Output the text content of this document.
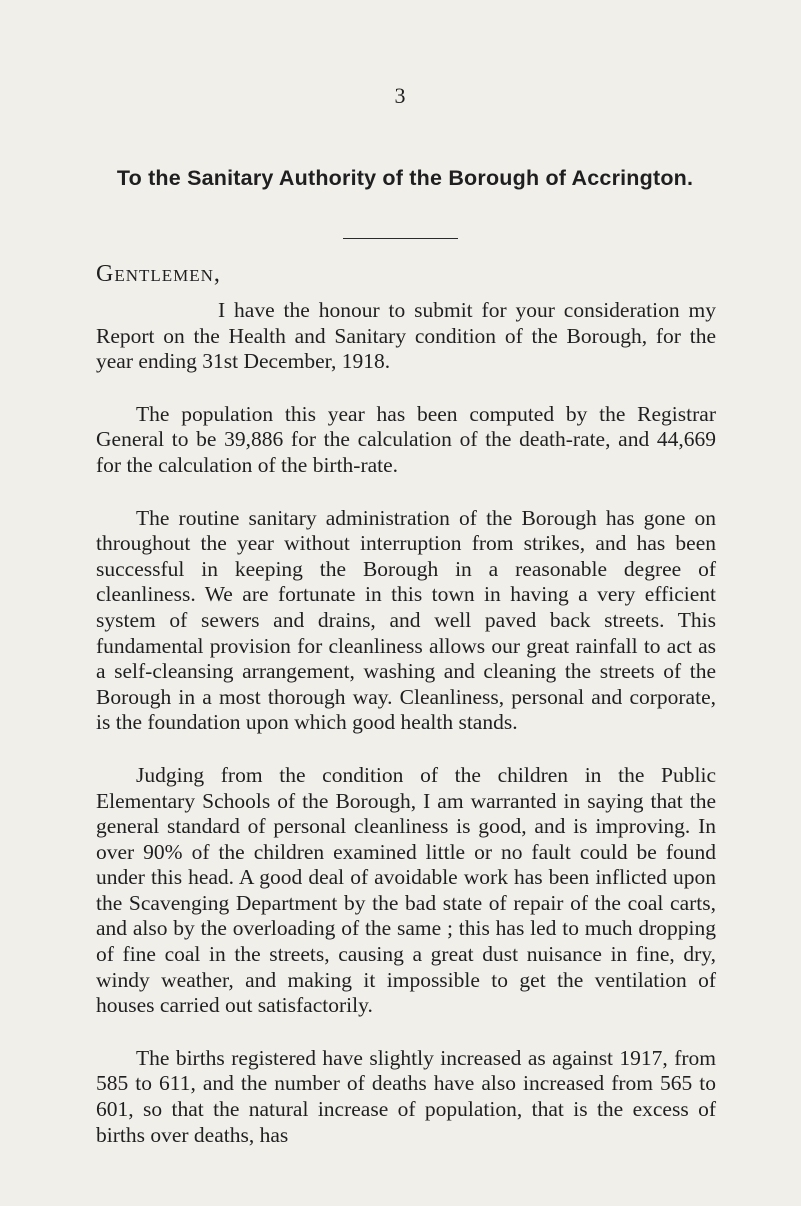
3
To the Sanitary Authority of the Borough of Accrington.
Gentlemen,

I have the honour to submit for your consideration my Report on the Health and Sanitary condition of the Borough, for the year ending 31st December, 1918.

The population this year has been computed by the Registrar General to be 39,886 for the calculation of the death-rate, and 44,669 for the calculation of the birth-rate.

The routine sanitary administration of the Borough has gone on throughout the year without interruption from strikes, and has been successful in keeping the Borough in a reasonable degree of cleanliness. We are fortunate in this town in having a very efficient system of sewers and drains, and well paved back streets. This fundamental provision for cleanliness allows our great rainfall to act as a self-cleansing arrangement, washing and cleaning the streets of the Borough in a most thorough way. Cleanliness, personal and corporate, is the foundation upon which good health stands.

Judging from the condition of the children in the Public Elementary Schools of the Borough, I am warranted in saying that the general standard of personal cleanliness is good, and is improving. In over 90% of the children examined little or no fault could be found under this head. A good deal of avoidable work has been inflicted upon the Scavenging Department by the bad state of repair of the coal carts, and also by the overloading of the same ; this has led to much dropping of fine coal in the streets, causing a great dust nuisance in fine, dry, windy weather, and making it impossible to get the ventilation of houses carried out satisfactorily.

The births registered have slightly increased as against 1917, from 585 to 611, and the number of deaths have also increased from 565 to 601, so that the natural increase of population, that is the excess of births over deaths, has
